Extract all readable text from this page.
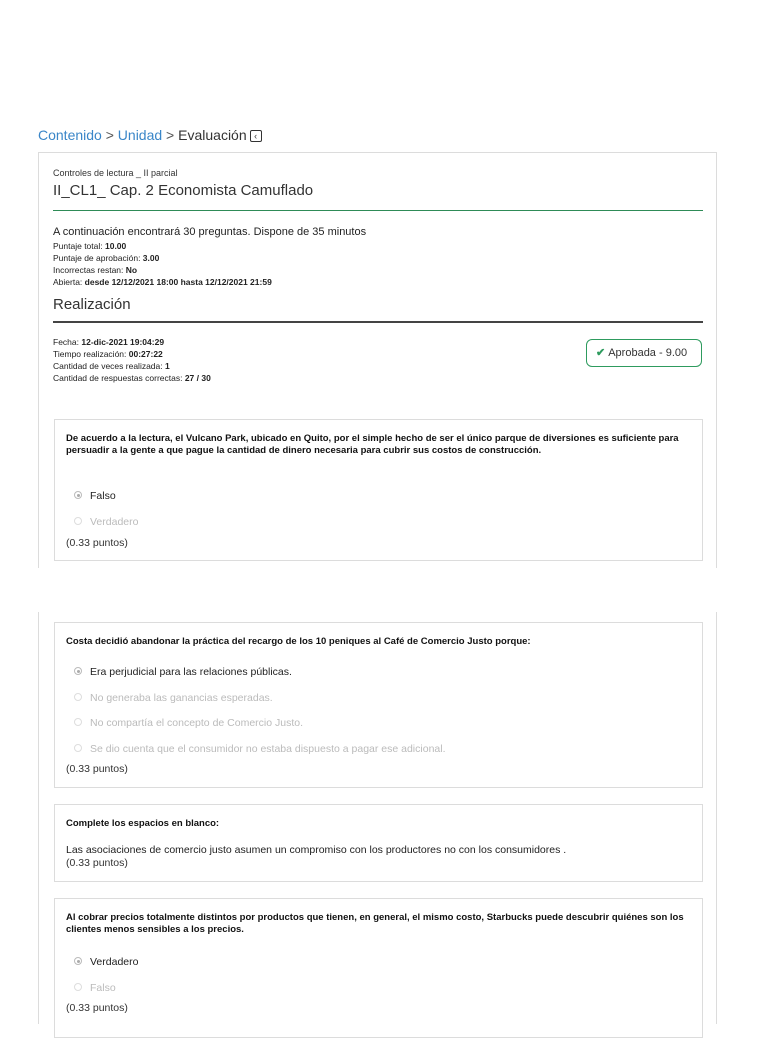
Contenido > Unidad > Evaluación ‹
Controles de lectura _ II parcial
II_CL1_ Cap. 2 Economista Camuflado
A continuación encontrará 30 preguntas. Dispone de 35 minutos
Puntaje total: 10.00
Puntaje de aprobación: 3.00
Incorrectas restan: No
Abierta: desde 12/12/2021 18:00 hasta 12/12/2021 21:59
Realización
Fecha: 12-dic-2021 19:04:29
Tiempo realización: 00:27:22
Cantidad de veces realizada: 1
Cantidad de respuestas correctas: 27 / 30
✔ Aprobada - 9.00
De acuerdo a la lectura, el Vulcano Park, ubicado en Quito, por el simple hecho de ser el único parque de diversiones es suficiente para persuadir a la gente a que pague la cantidad de dinero necesaria para cubrir sus costos de construcción.
Falso
Verdadero
(0.33 puntos)
Costa decidió abandonar la práctica del recargo de los 10 peniques al Café de Comercio Justo porque:
Era perjudicial para las relaciones públicas.
No generaba las ganancias esperadas.
No compartía el concepto de Comercio Justo.
Se dio cuenta que el consumidor no estaba dispuesto a pagar ese adicional.
(0.33 puntos)
Complete los espacios en blanco:
Las asociaciones de comercio justo asumen un compromiso con los productores no con los consumidores .
(0.33 puntos)
Al cobrar precios totalmente distintos por productos que tienen, en general, el mismo costo, Starbucks puede descubrir quiénes son los clientes menos sensibles a los precios.
Verdadero
Falso
(0.33 puntos)
